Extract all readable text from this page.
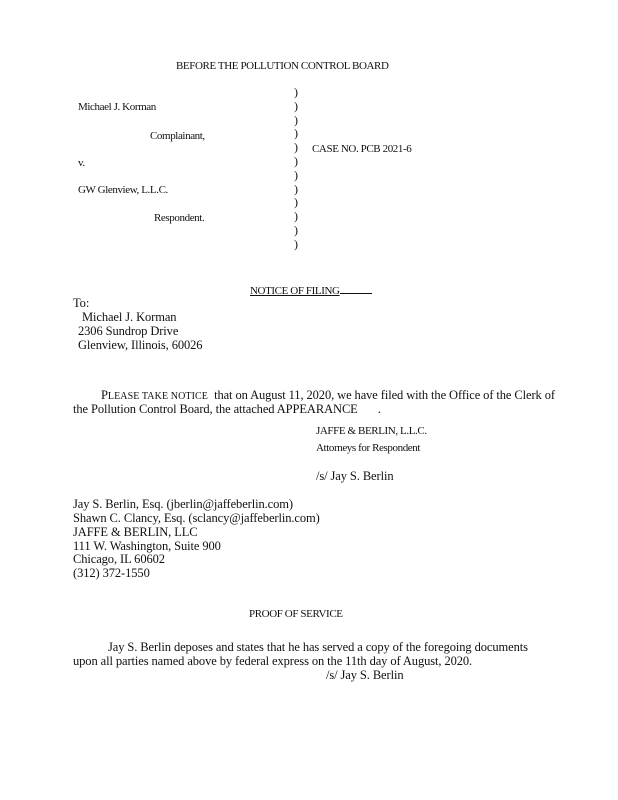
BEFORE THE POLLUTION CONTROL BOARD
Michael J. Korman
Complainant,
v.
GW Glenview, L.L.C.
Respondent.
)
)
)
)
)
)
)
)
)
)
)
)
CASE NO. PCB 2021-6
NOTICE OF FILING
To:
Michael J. Korman
2306 Sundrop Drive
Glenview, Illinois, 60026
PLEASE TAKE NOTICE that on August 11, 2020, we have filed with the Office of the Clerk of
the Pollution Control Board, the attached APPEARANCE .
JAFFE & BERLIN, L.L.C.
Attorneys for Respondent
/s/ Jay S. Berlin
Jay S. Berlin, Esq. (jberlin@jaffeberlin.com)
Shawn C. Clancy, Esq. (sclancy@jaffeberlin.com)
JAFFE & BERLIN, LLC
111 W. Washington, Suite 900
Chicago, IL 60602
(312) 372-1550
PROOF OF SERVICE
Jay S. Berlin deposes and states that he has served a copy of the foregoing documents
upon all parties named above by federal express on the 11th day of August, 2020.
/s/ Jay S. Berlin
